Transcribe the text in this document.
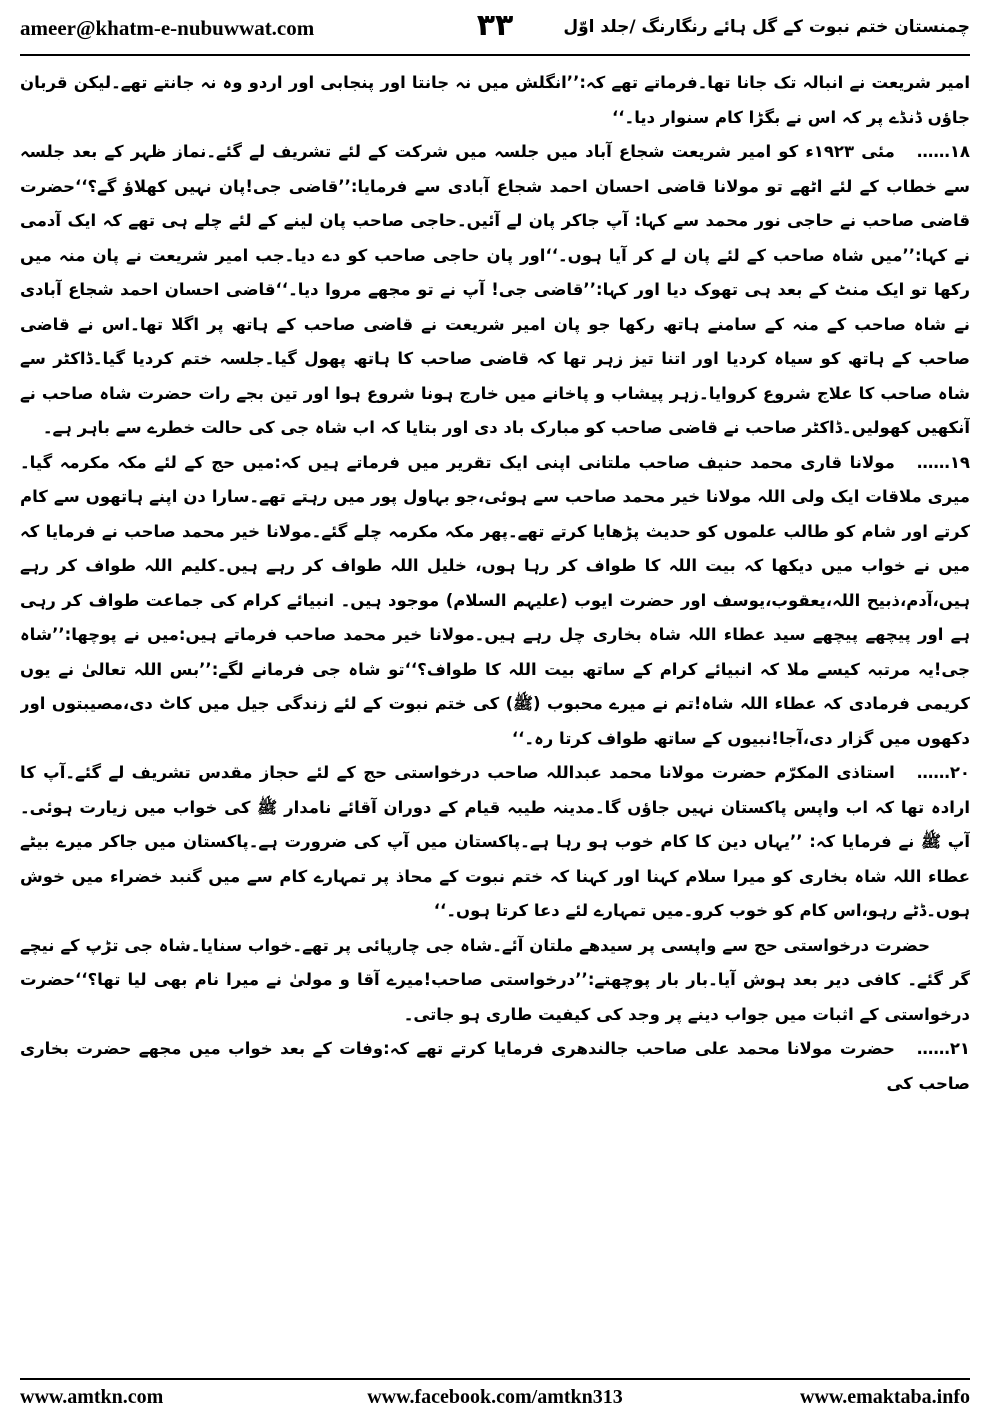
ameer@khatm-e-nubuwwat.com	۳۳	چمنستان ختم نبوت کے گل ہائے رنگارنگ /جلد اوّل

امیر شریعت نے انبالہ تک جانا تھا۔فرماتے تھے کہ:’’انگلش میں نہ جانتا اور پنجابی اور اردو وہ نہ جانتے تھے۔لیکن قربان جاؤں ڈنڈے پر کہ اس نے بگڑا کام سنوار دیا۔‘‘

۱۸……مئی ۱۹۲۳ء کو امیر شریعت شجاع آباد میں جلسہ میں شرکت کے لئے تشریف لے گئے۔نماز ظہر کے بعد جلسہ سے خطاب کے لئے اٹھے تو مولانا قاضی احسان احمد شجاع آبادی سے فرمایا:’’قاضی جی!پان نہیں کھلاؤ گے؟‘‘حضرت قاضی صاحب نے حاجی نور محمد سے کہا: آپ جاکر پان لے آئیں۔حاجی صاحب پان لینے کے لئے چلے ہی تھے کہ ایک آدمی نے کہا:’’میں شاہ صاحب کے لئے پان لے کر آیا ہوں۔‘‘اور پان حاجی صاحب کو دے دیا۔جب امیر شریعت نے پان منہ میں رکھا تو ایک منٹ کے بعد ہی تھوک دیا اور کہا:’’قاضی جی! آپ نے تو مجھے مروا دیا۔‘‘قاضی احسان احمد شجاع آبادی نے شاہ صاحب کے منہ کے سامنے ہاتھ رکھا جو پان امیر شریعت نے قاضی صاحب کے ہاتھ پر اگلا تھا۔اس نے قاضی صاحب کے ہاتھ کو سیاہ کردیا اور اتنا تیز زہر تھا کہ قاضی صاحب کا ہاتھ پھول گیا۔جلسہ ختم کردیا گیا۔ڈاکٹر سے شاہ صاحب کا علاج شروع کروایا۔زہر پیشاب و پاخانے میں خارج ہونا شروع ہوا اور تین بجے رات حضرت شاہ صاحب نے آنکھیں کھولیں۔ڈاکٹر صاحب نے قاضی صاحب کو مبارک باد دی اور بتایا کہ اب شاہ جی کی حالت خطرے سے باہر ہے۔

۱۹……مولانا قاری محمد حنیف صاحب ملتانی اپنی ایک تقریر میں فرماتے ہیں کہ:میں حج کے لئے مکہ مکرمہ گیا۔میری ملاقات ایک ولی اللہ مولانا خیر محمد صاحب سے ہوئی،جو بہاول پور میں رہتے تھے۔سارا دن اپنے ہاتھوں سے کام کرتے اور شام کو طالب علموں کو حدیث پڑھایا کرتے تھے۔پھر مکہ مکرمہ چلے گئے۔مولانا خیر محمد صاحب نے فرمایا کہ میں نے خواب میں دیکھا کہ بیت اللہ کا طواف کر رہا ہوں، خلیل اللہ طواف کر رہے ہیں۔کلیم اللہ طواف کر رہے ہیں،آدم،ذبیح اللہ،یعقوب،یوسف اور حضرت ایوب (علیہم السلام) موجود ہیں۔ انبیائے کرام کی جماعت طواف کر رہی ہے اور پیچھے پیچھے سید عطاء اللہ شاہ بخاری چل رہے ہیں۔مولانا خیر محمد صاحب فرماتے ہیں:میں نے پوچھا:’’شاہ جی!یہ مرتبہ کیسے ملا کہ انبیائے کرام کے ساتھ بیت اللہ کا طواف؟‘‘تو شاہ جی فرمانے لگے:’’بس اللہ تعالیٰ نے یوں کریمی فرمادی کہ عطاء اللہ شاہ!تم نے میرے محبوب (ﷺ) کی ختم نبوت کے لئے زندگی جیل میں کاٹ دی،مصیبتوں اور دکھوں میں گزار دی،آجا!نبیوں کے ساتھ طواف کرتا رہ۔‘‘

۲۰……استاذی المکرّم حضرت مولانا محمد عبداللہ صاحب درخواستی حج کے لئے حجاز مقدس تشریف لے گئے۔آپ کا ارادہ تھا کہ اب واپس پاکستان نہیں جاؤں گا۔مدینہ طیبہ قیام کے دوران آقائے نامدار ﷺ کی خواب میں زیارت ہوئی۔آپ ﷺ نے فرمایا کہ: ’’یہاں دین کا کام خوب ہو رہا ہے۔پاکستان میں آپ کی ضرورت ہے۔پاکستان میں جاکر میرے بیٹے عطاء اللہ شاہ بخاری کو میرا سلام کہنا اور کہنا کہ ختم نبوت کے محاذ پر تمہارے کام سے میں گنبد خضراء میں خوش ہوں۔ڈٹے رہو،اس کام کو خوب کرو۔میں تمہارے لئے دعا کرتا ہوں۔‘‘

حضرت درخواستی حج سے واپسی پر سیدھے ملتان آئے۔شاہ جی چارپائی پر تھے۔خواب سنایا۔شاہ جی تڑپ کے نیچے گر گئے۔ کافی دیر بعد ہوش آیا۔بار بار پوچھتے:’’درخواستی صاحب!میرے آقا و مولیٰ نے میرا نام بھی لیا تھا؟‘‘حضرت درخواستی کے اثبات میں جواب دینے پر وجد کی کیفیت طاری ہو جاتی۔

۲۱……حضرت مولانا محمد علی صاحب جالندھری فرمایا کرتے تھے کہ:وفات کے بعد خواب میں مجھے حضرت بخاری صاحب کی

www.amtkn.com	www.facebook.com/amtkn313	www.emaktaba.info
